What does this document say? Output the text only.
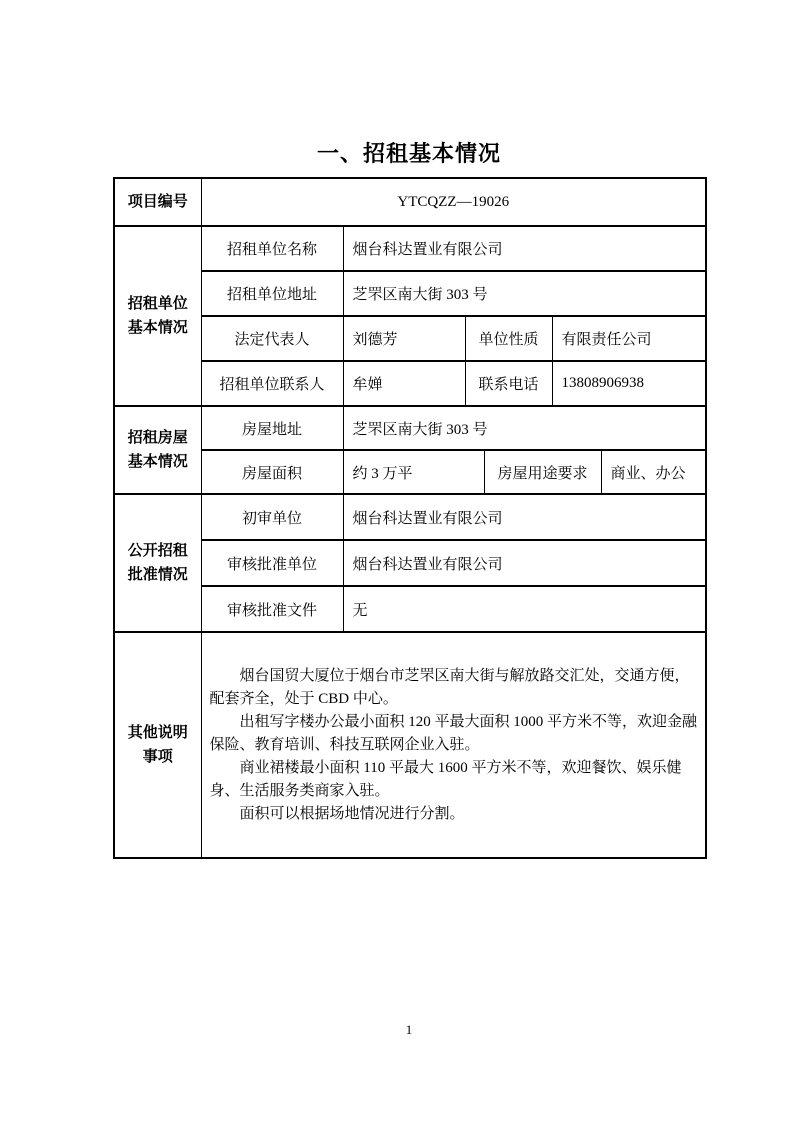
一、招租基本情况
项目编号	YTCQZZ—19026					

招租单位
基本情况	招租单位名称	烟台科达置业有限公司				
	招租单位地址	芝罘区南大街 303 号				
	法定代表人	刘德芳	单位性质		有限责任公司	
	招租单位联系人	牟婵	联系电话		13808906938	

招租房屋
基本情况	房屋地址	芝罘区南大街 303 号				
	房屋面积	约 3 万平		房屋用途要求		商业、办公

公开招租
批准情况	初审单位	烟台科达置业有限公司				
	审核批准单位	烟台科达置业有限公司				
	审核批准文件	无				

其他说明
事项

烟台国贸大厦位于烟台市芝罘区南大街与解放路交汇处，交通方便，配套齐全，处于 CBD 中心。

出租写字楼办公最小面积 120 平最大面积 1000 平方米不等，欢迎金融保险、教育培训、科技互联网企业入驻。

商业裙楼最小面积 110 平最大 1600 平方米不等，欢迎餐饮、娱乐健身、生活服务类商家入驻。

面积可以根据场地情况进行分割。

1
